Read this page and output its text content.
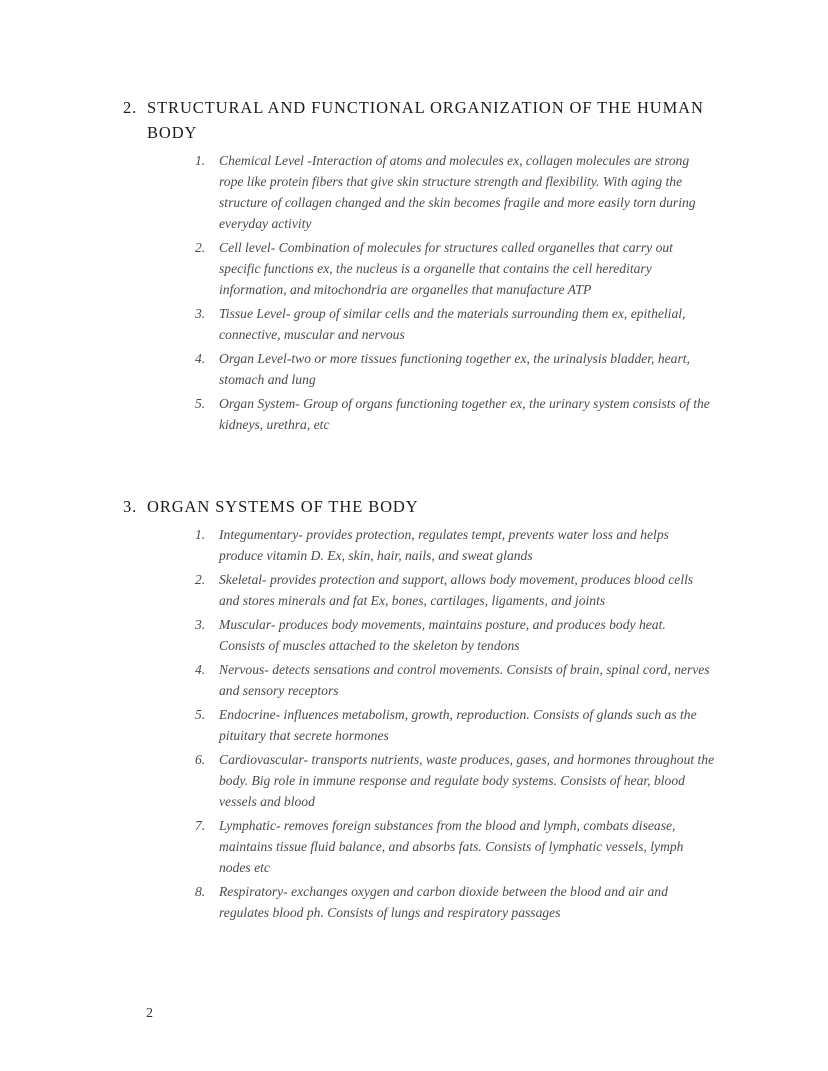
2. STRUCTURAL AND FUNCTIONAL ORGANIZATION OF THE HUMAN BODY
1.	Chemical Level -Interaction of atoms and molecules ex, collagen molecules are strong rope like protein fibers that give skin structure strength and flexibility. With aging the structure of collagen changed and the skin becomes fragile and more easily torn during everyday activity
2.	Cell level- Combination of molecules for structures called organelles that carry out specific functions ex, the nucleus is a organelle that contains the cell hereditary information, and mitochondria are organelles that manufacture ATP
3.	Tissue Level- group of similar cells and the materials surrounding them ex, epithelial, connective, muscular and nervous
4.	Organ Level-two or more tissues functioning together ex, the urinalysis bladder, heart, stomach and lung
5.	Organ System- Group of organs functioning together ex, the urinary system consists of the kidneys, urethra, etc
3. ORGAN SYSTEMS OF THE BODY
1.	Integumentary- provides protection, regulates tempt, prevents water loss and helps produce vitamin D. Ex, skin, hair, nails, and sweat glands
2.	Skeletal- provides protection and support, allows body movement, produces blood cells and stores minerals and fat Ex, bones, cartilages, ligaments, and joints
3.	Muscular- produces body movements, maintains posture, and produces body heat. Consists of muscles attached to the skeleton by tendons
4.	Nervous- detects sensations and control movements. Consists of brain, spinal cord, nerves and sensory receptors
5.	Endocrine- influences metabolism, growth, reproduction. Consists of glands such as the pituitary that secrete hormones
6.	Cardiovascular- transports nutrients, waste produces, gases, and hormones throughout the body. Big role in immune response and regulate body systems. Consists of hear, blood vessels and blood
7.	Lymphatic- removes foreign substances from the blood and lymph, combats disease, maintains tissue fluid balance, and absorbs fats. Consists of lymphatic vessels, lymph nodes etc
8.	Respiratory- exchanges oxygen and carbon dioxide between the blood and air and regulates blood ph. Consists of lungs and respiratory passages
2
